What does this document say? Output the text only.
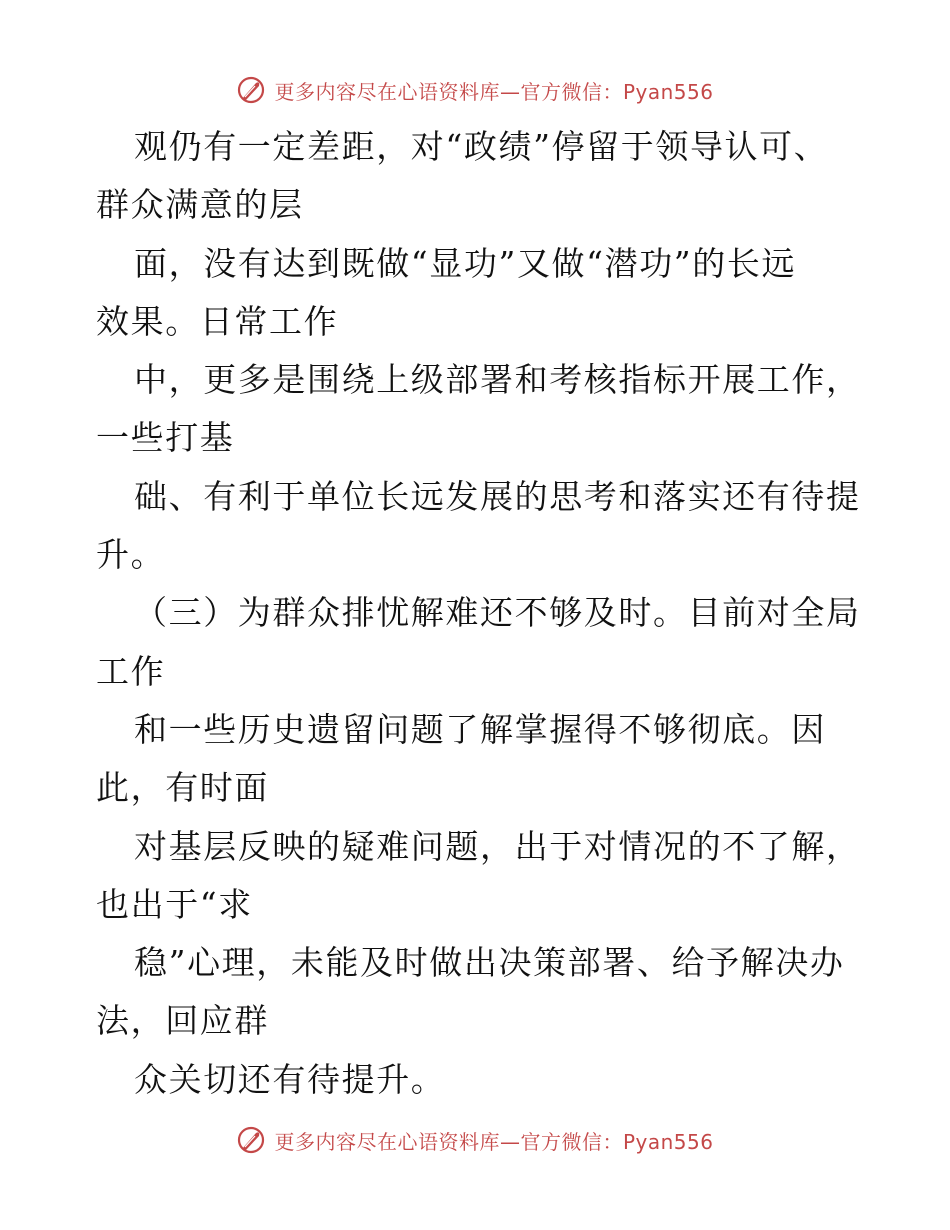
更多内容尽在心语资料库—官方微信：Pyan556
观仍有一定差距，对“政绩”停留于领导认可、
群众满意的层
面，没有达到既做“显功”又做“潜功”的长远
效果。日常工作
中，更多是围绕上级部署和考核指标开展工作，
一些打基
础、有利于单位长远发展的思考和落实还有待提
升。
（三）为群众排忧解难还不够及时。目前对全局
工作
和一些历史遗留问题了解掌握得不够彻底。因
此，有时面
对基层反映的疑难问题，出于对情况的不了解，
也出于“求
稳”心理，未能及时做出决策部署、给予解决办
法，回应群
众关切还有待提升。
更多内容尽在心语资料库—官方微信：Pyan556
